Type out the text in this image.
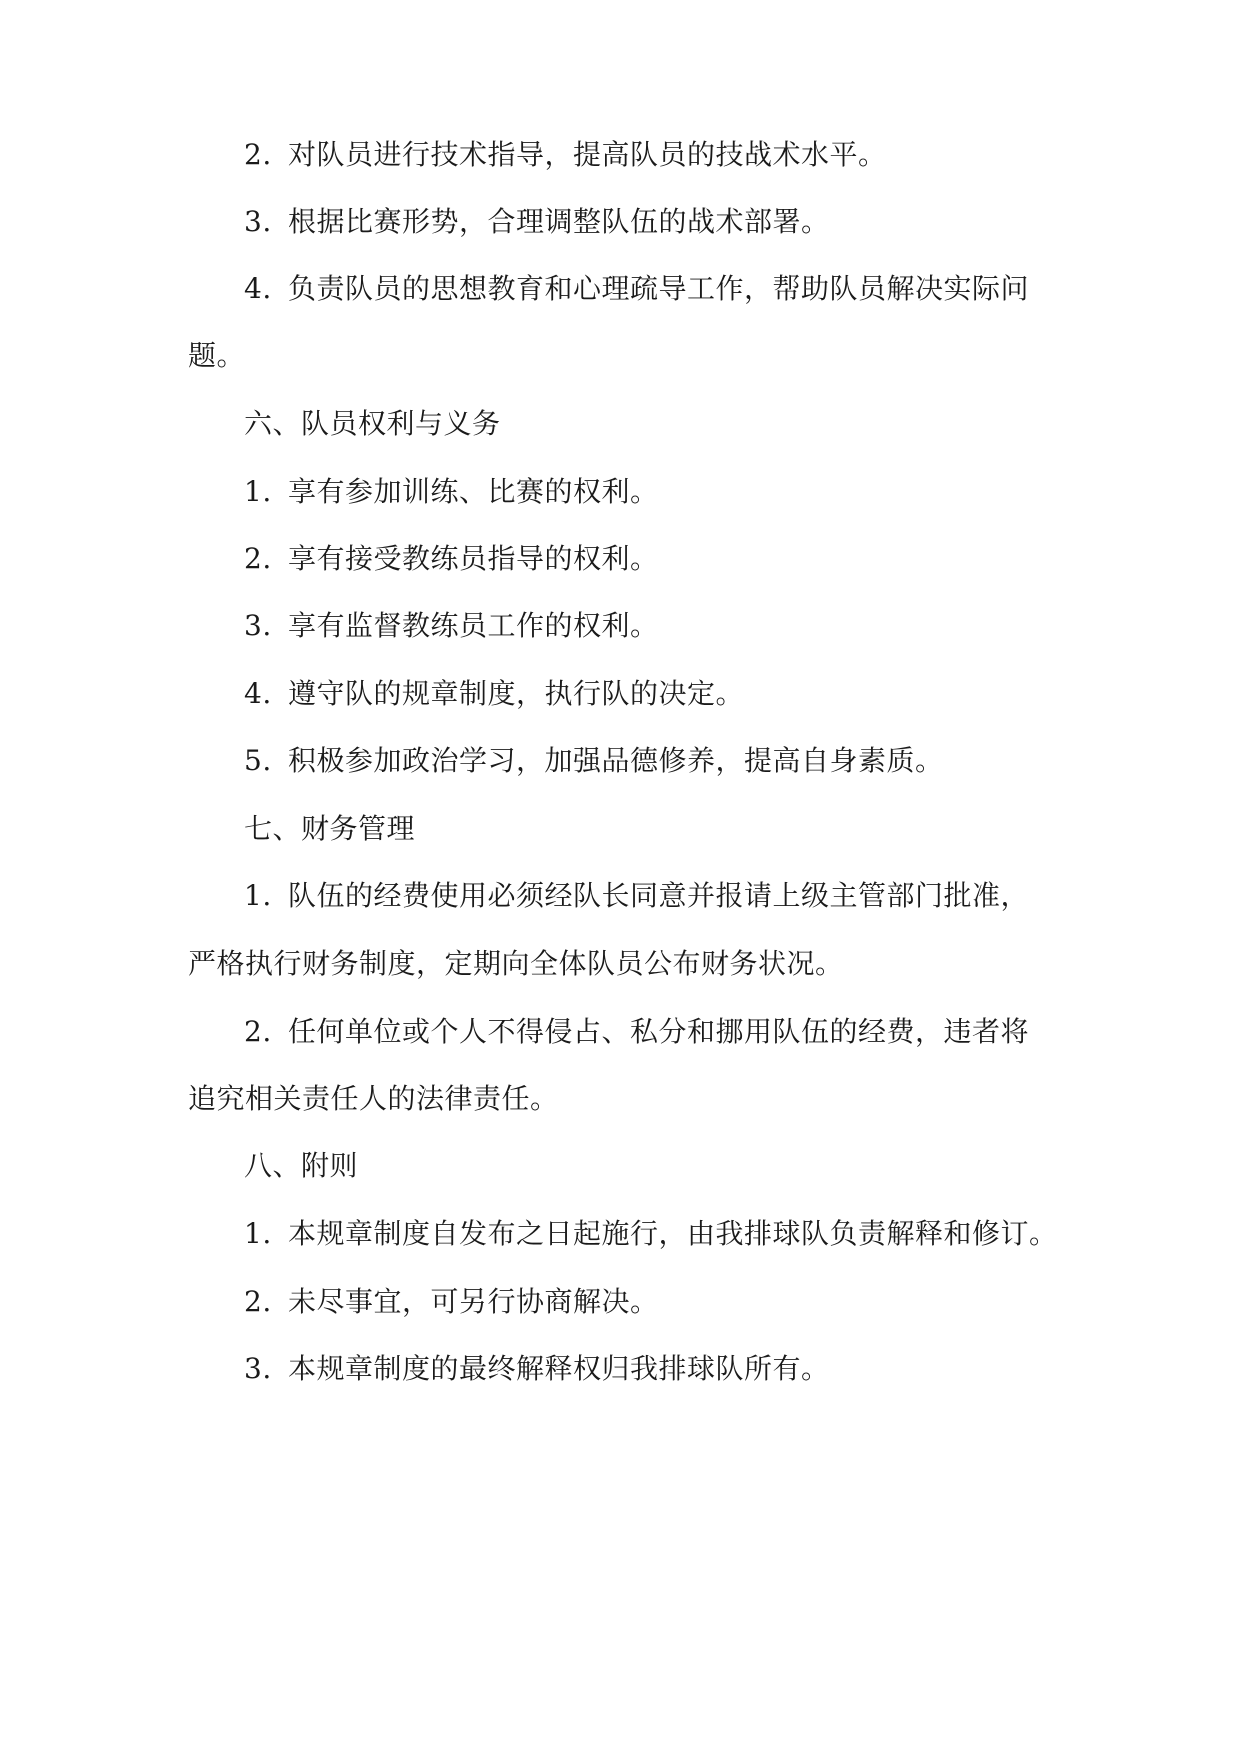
2. 对队员进行技术指导，提高队员的技战术水平。
3. 根据比赛形势，合理调整队伍的战术部署。
4. 负责队员的思想教育和心理疏导工作，帮助队员解决实际问
题。
六、队员权利与义务
1. 享有参加训练、比赛的权利。
2. 享有接受教练员指导的权利。
3. 享有监督教练员工作的权利。
4. 遵守队的规章制度，执行队的决定。
5. 积极参加政治学习，加强品德修养，提高自身素质。
七、财务管理
1. 队伍的经费使用必须经队长同意并报请上级主管部门批准，
严格执行财务制度，定期向全体队员公布财务状况。
2. 任何单位或个人不得侵占、私分和挪用队伍的经费，违者将
追究相关责任人的法律责任。
八、附则
1. 本规章制度自发布之日起施行，由我排球队负责解释和修订。
2. 未尽事宜，可另行协商解决。
3. 本规章制度的最终解释权归我排球队所有。
